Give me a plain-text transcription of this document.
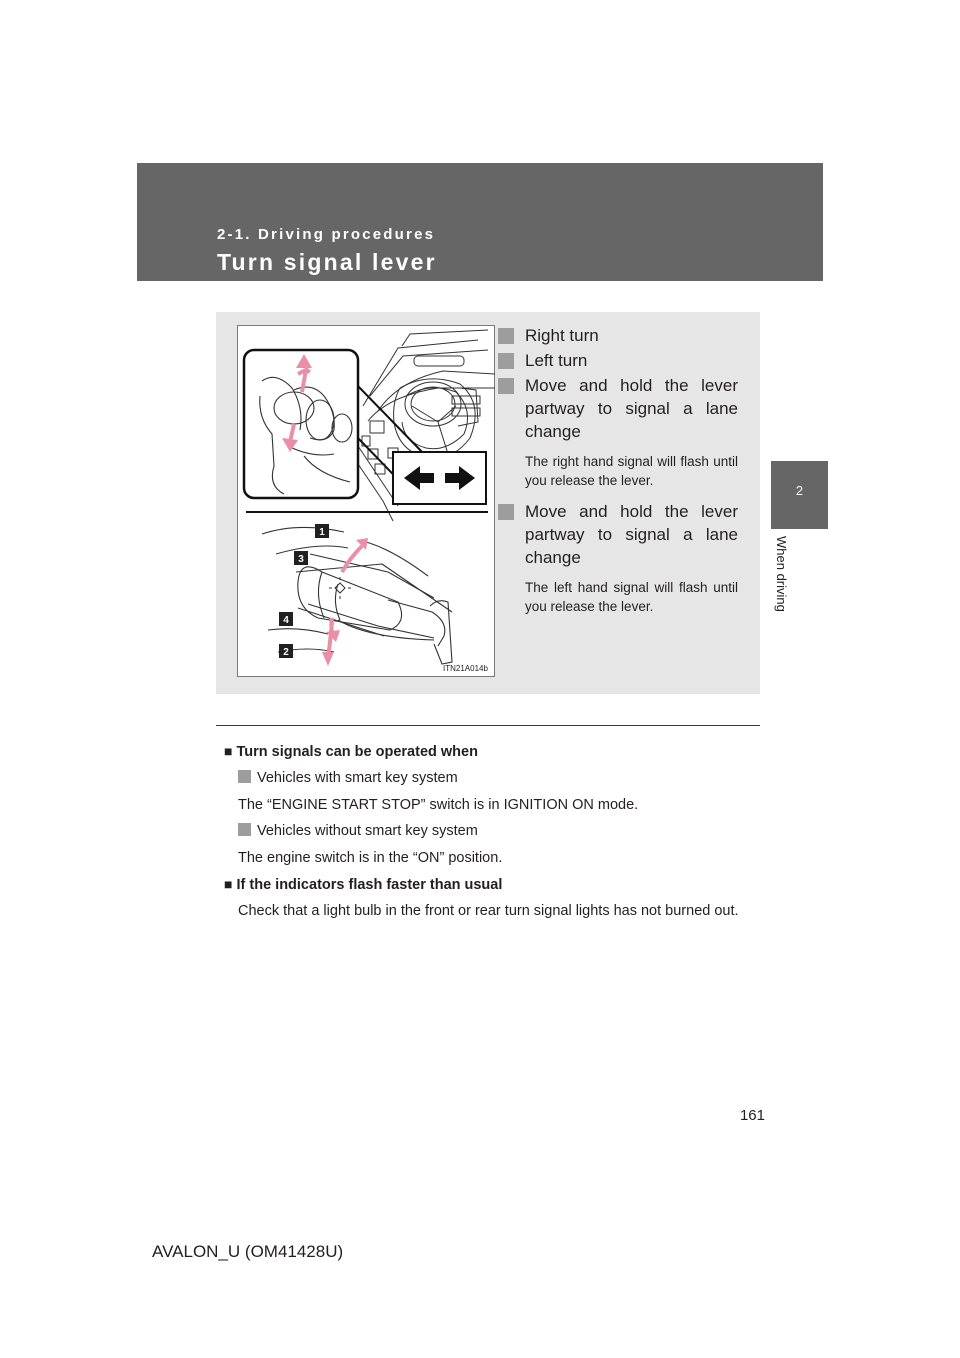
2-1. Driving procedures
Turn signal lever
2
When driving
1
3
4
2
ITN21A014b
Right turn
Left turn
Move and hold the lever partway to signal a lane change
The right hand signal will flash until you release the lever.
Move and hold the lever partway to signal a lane change
The left hand signal will flash until you release the lever.
■ Turn signals can be operated when
Vehicles with smart key system
The “ENGINE START STOP” switch is in IGNITION ON mode.
Vehicles without smart key system
The engine switch is in the “ON” position.
■ If the indicators flash faster than usual
Check that a light bulb in the front or rear turn signal lights has not burned out.
161
AVALON_U (OM41428U)
